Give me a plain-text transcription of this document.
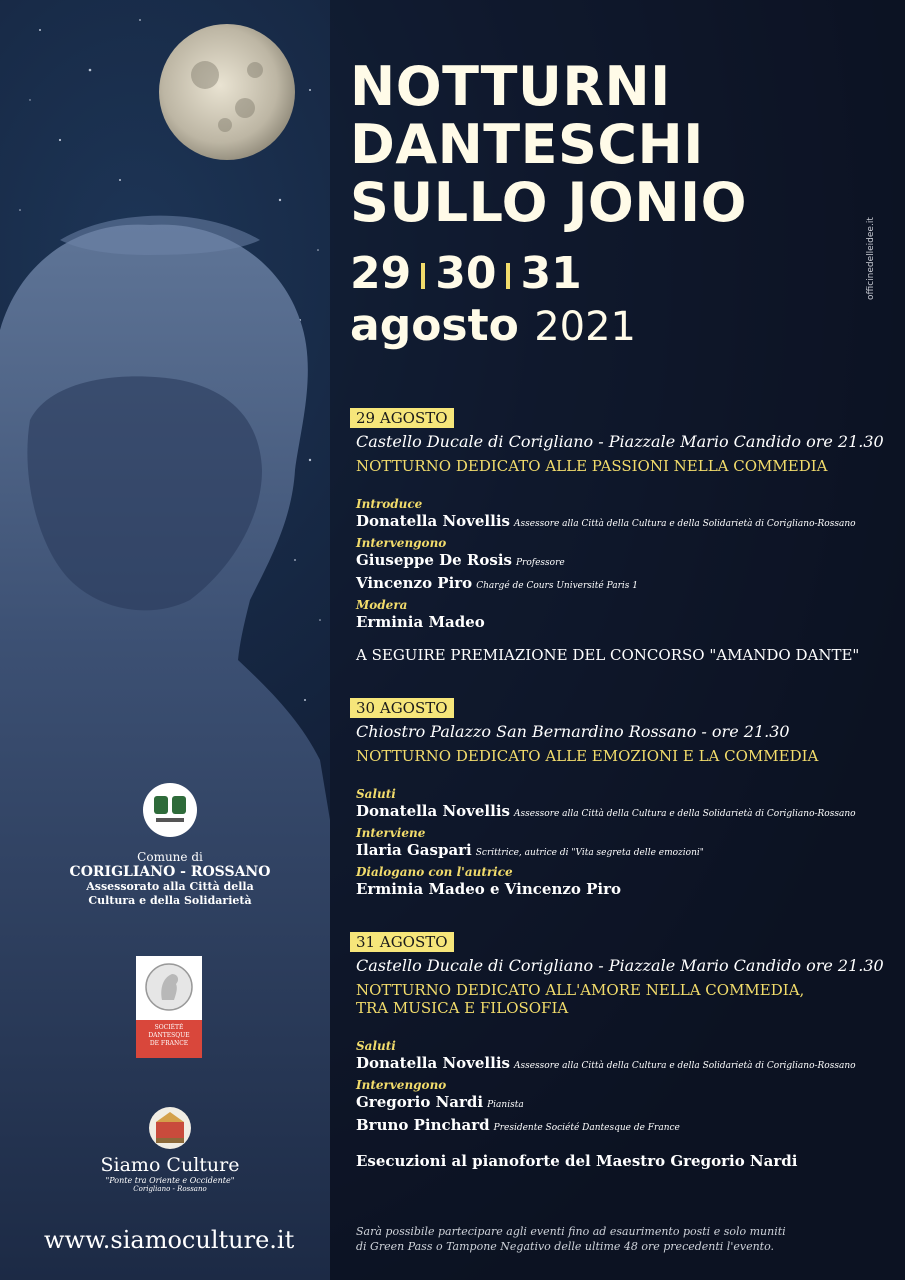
NOTTURNI
DANTESCHI
SULLO JONIO
29 30 31
agosto 2021
officinedelleidee.it
29 AGOSTO
Castello Ducale di Corigliano - Piazzale Mario Candido ore 21.30
NOTTURNO DEDICATO ALLE PASSIONI NELLA COMMEDIA
Introduce
Donatella Novellis Assessore alla Città della Cultura e della Solidarietà di Corigliano-Rossano
Intervengono
Giuseppe De Rosis Professore
Vincenzo Piro Chargé de Cours Université Paris 1
Modera
Erminia Madeo
A SEGUIRE PREMIAZIONE DEL CONCORSO "AMANDO DANTE"
30 AGOSTO
Chiostro Palazzo San Bernardino Rossano - ore 21.30
NOTTURNO DEDICATO ALLE EMOZIONI E LA COMMEDIA
Saluti
Donatella Novellis Assessore alla Città della Cultura e della Solidarietà di Corigliano-Rossano
Interviene
Ilaria Gaspari Scrittrice, autrice di "Vita segreta delle emozioni"
Dialogano con l'autrice
Erminia Madeo e Vincenzo Piro
31 AGOSTO
Castello Ducale di Corigliano - Piazzale Mario Candido ore 21.30
NOTTURNO DEDICATO ALL'AMORE NELLA COMMEDIA,
TRA MUSICA E FILOSOFIA
Saluti
Donatella Novellis Assessore alla Città della Cultura e della Solidarietà di Corigliano-Rossano
Intervengono
Gregorio Nardi Pianista
Bruno Pinchard Presidente Société Dantesque de France
Esecuzioni al pianoforte del Maestro Gregorio Nardi
Sarà possibile partecipare agli eventi fino ad esaurimento posti e solo muniti
di Green Pass o Tampone Negativo delle ultime 48 ore precedenti l'evento.
Comune di
CORIGLIANO - ROSSANO
Assessorato alla Città della
Cultura e della Solidarietà
SOCIÉTÉ
DANTESQUE
DE FRANCE
Siamo Culture
"Ponte tra Oriente e Occidente"
Corigliano - Rossano
www.siamoculture.it
